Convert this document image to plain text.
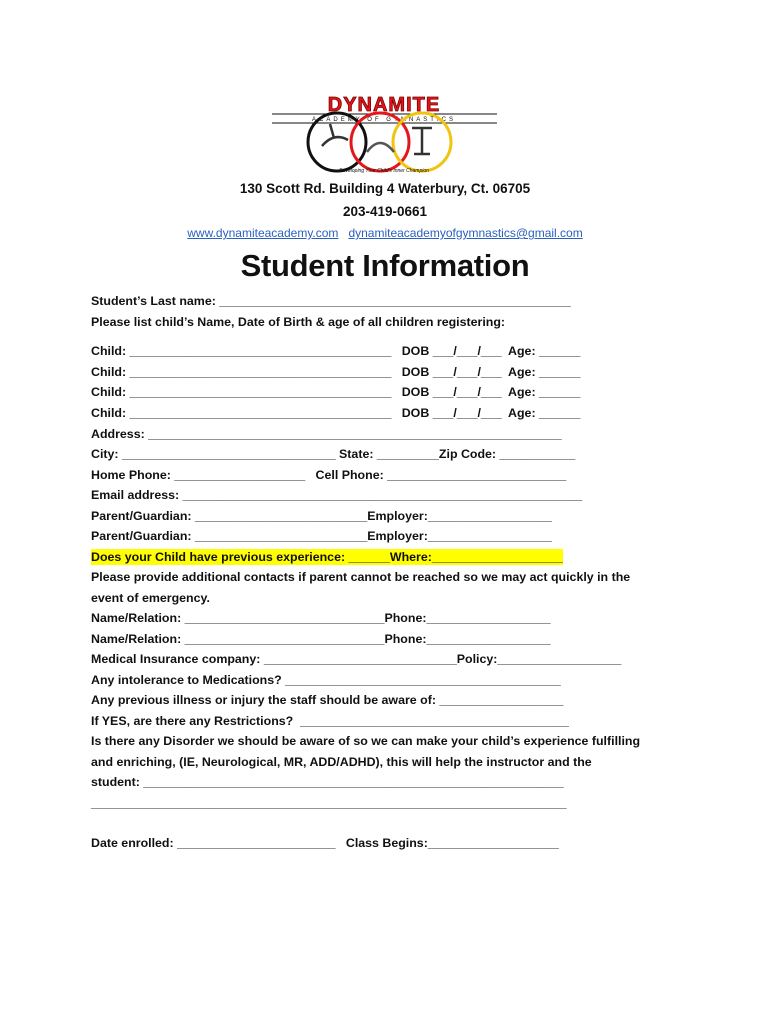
DYNAMITE
ACADEMY OF GYMNASTICS
Developing Your Child's Inner Champion
130 Scott Rd. Building 4 Waterbury, Ct. 06705
203-419-0661
www.dynamiteacademy.com dynamiteacademyofgymnastics@gmail.com
Student Information
Student’s Last name: ___________________________________________________
Please list child’s Name, Date of Birth & age of all children registering:
Child: ______________________________________   DOB ___/___/___  Age: ______
Child: ______________________________________   DOB ___/___/___  Age: ______
Child: ______________________________________   DOB ___/___/___  Age: ______
Child: ______________________________________   DOB ___/___/___  Age: ______
Address: ____________________________________________________________
City: _______________________________ State: _________Zip Code: ___________
Home Phone: ___________________   Cell Phone: __________________________
Email address: __________________________________________________________
Parent/Guardian: _________________________Employer:__________________
Parent/Guardian: _________________________Employer:__________________
Does your Child have previous experience: ______Where:___________________
Please provide additional contacts if parent cannot be reached so we may act quickly in the
event of emergency.
Name/Relation: _____________________________Phone:__________________
Name/Relation: _____________________________Phone:__________________
Medical Insurance company: ____________________________Policy:__________________
Any intolerance to Medications? ________________________________________
Any previous illness or injury the staff should be aware of: __________________
If YES, are there any Restrictions?  _______________________________________
Is there any Disorder we should be aware of so we can make your child’s experience fulfilling
and enriching, (IE, Neurological, MR, ADD/ADHD), this will help the instructor and the
student: _____________________________________________________________
_____________________________________________________________________
Date enrolled: _______________________   Class Begins:___________________
